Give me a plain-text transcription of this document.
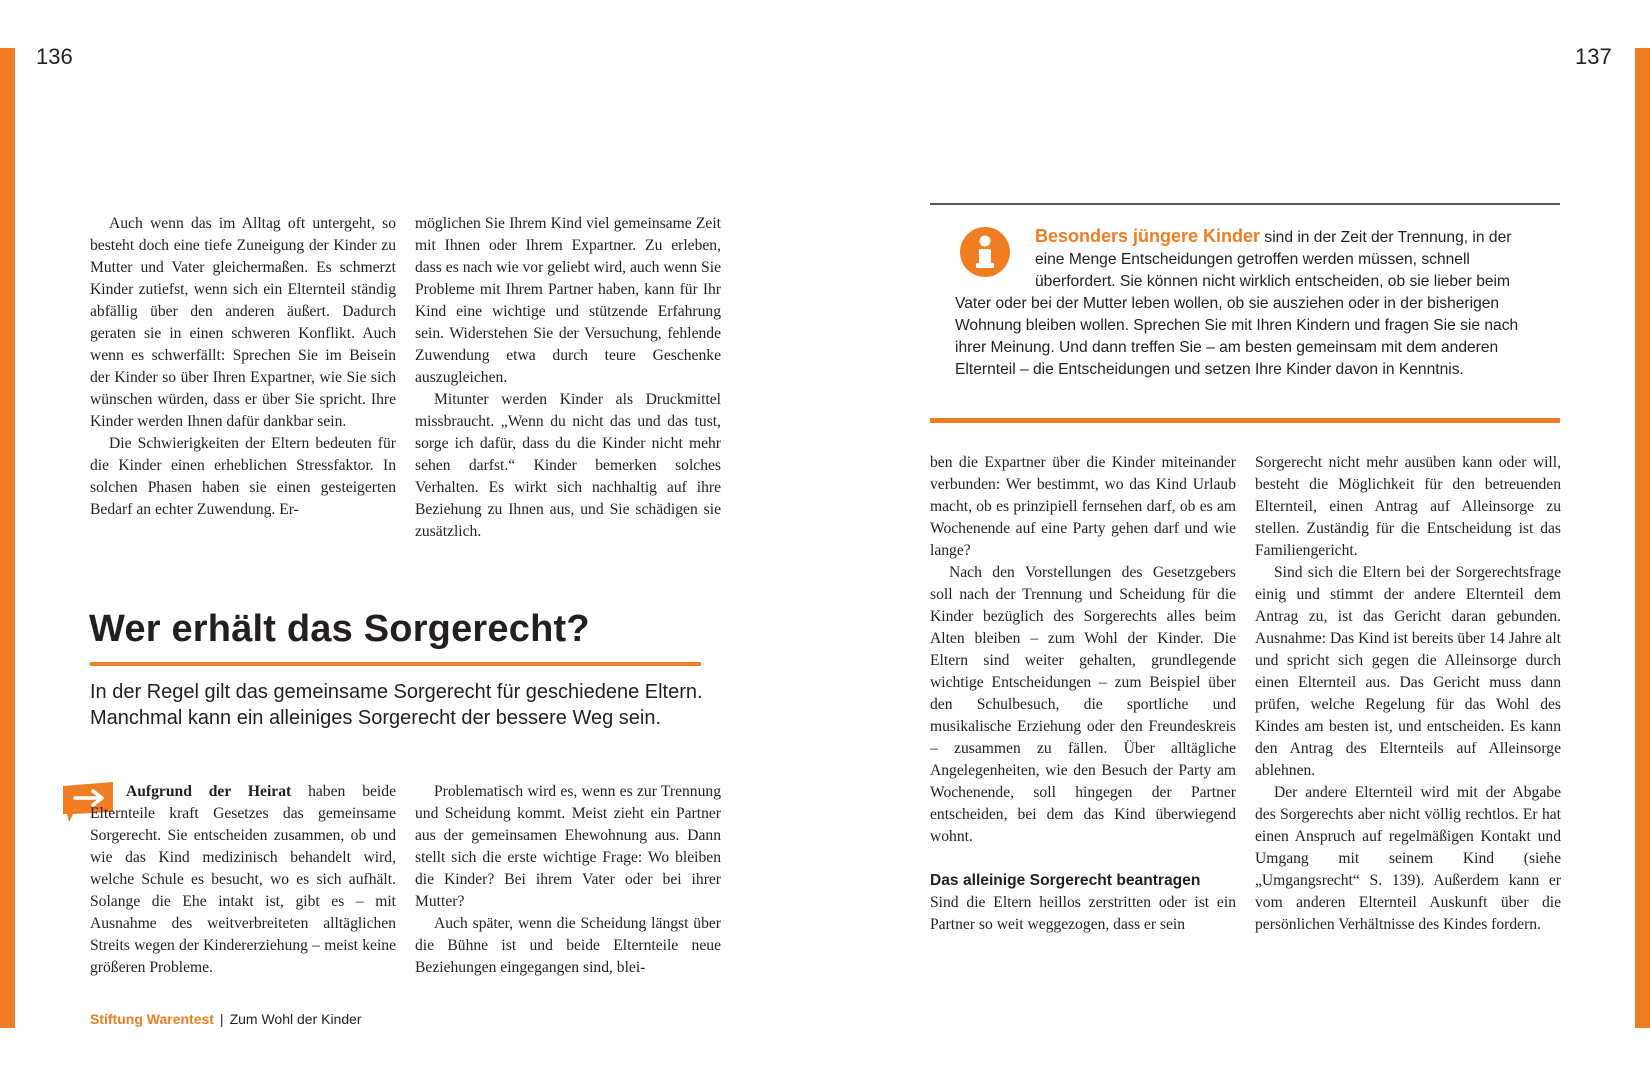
136	137

Auch wenn das im Alltag oft untergeht, so besteht doch eine tiefe Zuneigung der Kinder zu Mutter und Vater gleichermaßen. Es schmerzt Kinder zutiefst, wenn sich ein Elternteil ständig abfällig über den anderen äußert. Dadurch geraten sie in einen schweren Konflikt. Auch wenn es schwerfällt: Sprechen Sie im Beisein der Kinder so über Ihren Expartner, wie Sie sich wünschen würden, dass er über Sie spricht. Ihre Kinder werden Ihnen dafür dankbar sein.

Die Schwierigkeiten der Eltern bedeuten für die Kinder einen erheblichen Stressfaktor. In solchen Phasen haben sie einen gesteigerten Bedarf an echter Zuwendung. Er-

möglichen Sie Ihrem Kind viel gemeinsame Zeit mit Ihnen oder Ihrem Expartner. Zu erleben, dass es nach wie vor geliebt wird, auch wenn Sie Probleme mit Ihrem Partner haben, kann für Ihr Kind eine wichtige und stützende Erfahrung sein. Widerstehen Sie der Versuchung, fehlende Zuwendung etwa durch teure Geschenke auszugleichen.

Mitunter werden Kinder als Druckmittel missbraucht. „Wenn du nicht das und das tust, sorge ich dafür, dass du die Kinder nicht mehr sehen darfst.“ Kinder bemerken solches Verhalten. Es wirkt sich nachhaltig auf ihre Beziehung zu Ihnen aus, und Sie schädigen sie zusätzlich.

Wer erhält das Sorgerecht?
In der Regel gilt das gemeinsame Sorgerecht für geschiedene Eltern. Manchmal kann ein alleiniges Sorgerecht der bessere Weg sein.

Aufgrund der Heirat haben beide Elternteile kraft Gesetzes das gemeinsame Sorgerecht. Sie entscheiden zusammen, ob und wie das Kind medizinisch behandelt wird, welche Schule es besucht, wo es sich aufhält. Solange die Ehe intakt ist, gibt es – mit Ausnahme des weitverbreiteten alltäglichen Streits wegen der Kindererziehung – meist keine größeren Probleme.

Problematisch wird es, wenn es zur Trennung und Scheidung kommt. Meist zieht ein Partner aus der gemeinsamen Ehewohnung aus. Dann stellt sich die erste wichtige Frage: Wo bleiben die Kinder? Bei ihrem Vater oder bei ihrer Mutter?

Auch später, wenn die Scheidung längst über die Bühne ist und beide Elternteile neue Beziehungen eingegangen sind, blei-

Stiftung Warentest | Zum Wohl der Kinder
Besonders jüngere Kinder sind in der Zeit der Trennung, in der eine Menge Entscheidungen getroffen werden müssen, schnell überfordert. Sie können nicht wirklich entscheiden, ob sie lieber beim Vater oder bei der Mutter leben wollen, ob sie ausziehen oder in der bisherigen Wohnung bleiben wollen. Sprechen Sie mit Ihren Kindern und fragen Sie sie nach ihrer Meinung. Und dann treffen Sie – am besten gemeinsam mit dem anderen Elternteil – die Entscheidungen und setzen Ihre Kinder davon in Kenntnis.

ben die Expartner über die Kinder miteinander verbunden: Wer bestimmt, wo das Kind Urlaub macht, ob es prinzipiell fernsehen darf, ob es am Wochenende auf eine Party gehen darf und wie lange?

Nach den Vorstellungen des Gesetzgebers soll nach der Trennung und Scheidung für die Kinder bezüglich des Sorgerechts alles beim Alten bleiben – zum Wohl der Kinder. Die Eltern sind weiter gehalten, grundlegende wichtige Entscheidungen – zum Beispiel über den Schulbesuch, die sportliche und musikalische Erziehung oder den Freundeskreis – zusammen zu fällen. Über alltägliche Angelegenheiten, wie den Besuch der Party am Wochenende, soll hingegen der Partner entscheiden, bei dem das Kind überwiegend wohnt.

Das alleinige Sorgerecht beantragen

Sind die Eltern heillos zerstritten oder ist ein Partner so weit weggezogen, dass er sein

Sorgerecht nicht mehr ausüben kann oder will, besteht die Möglichkeit für den betreuenden Elternteil, einen Antrag auf Alleinsorge zu stellen. Zuständig für die Entscheidung ist das Familiengericht.

Sind sich die Eltern bei der Sorgerechtsfrage einig und stimmt der andere Elternteil dem Antrag zu, ist das Gericht daran gebunden. Ausnahme: Das Kind ist bereits über 14 Jahre alt und spricht sich gegen die Alleinsorge durch einen Elternteil aus. Das Gericht muss dann prüfen, welche Regelung für das Wohl des Kindes am besten ist, und entscheiden. Es kann den Antrag des Elternteils auf Alleinsorge ablehnen.

Der andere Elternteil wird mit der Abgabe des Sorgerechts aber nicht völlig rechtlos. Er hat einen Anspruch auf regelmäßigen Kontakt und Umgang mit seinem Kind (siehe „Umgangsrecht“ S. 139). Außerdem kann er vom anderen Elternteil Auskunft über die persönlichen Verhältnisse des Kindes fordern.
